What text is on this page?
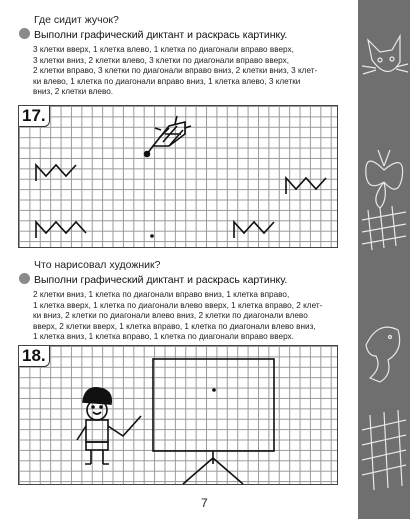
Где сидит жучок?
Выполни графический диктант и раскрась картинку.
3 клетки вверх, 1 клетка влево, 1 клетка по диагонали вправо вверх,
3 клетки вниз, 2 клетки влево, 3 клетки по диагонали вправо вверх,
2 клетки вправо, 3 клетки по диагонали вправо вниз, 2 клетки вниз, 3 клет-
ки влево, 1 клетка по диагонали вправо вниз, 1 клетка влево, 3 клетки
вниз, 2 клетки влево.
17.
Что нарисовал художник?
Выполни графический диктант и раскрась картинку.
2 клетки вниз, 1 клетка по диагонали вправо вниз, 1 клетка вправо,
1 клетка вверх, 1 клетка по диагонали влево вверх, 1 клетка вправо, 2 клет-
ки вниз, 2 клетки по диагонали влево вниз, 2 клетки по диагонали влево
вверх, 2 клетки вверх, 1 клетка вправо, 1 клетка по диагонали влево вниз,
1 клетка вниз, 1 клетка вправо, 1 клетка по диагонали вправо вверх.
18.
7
